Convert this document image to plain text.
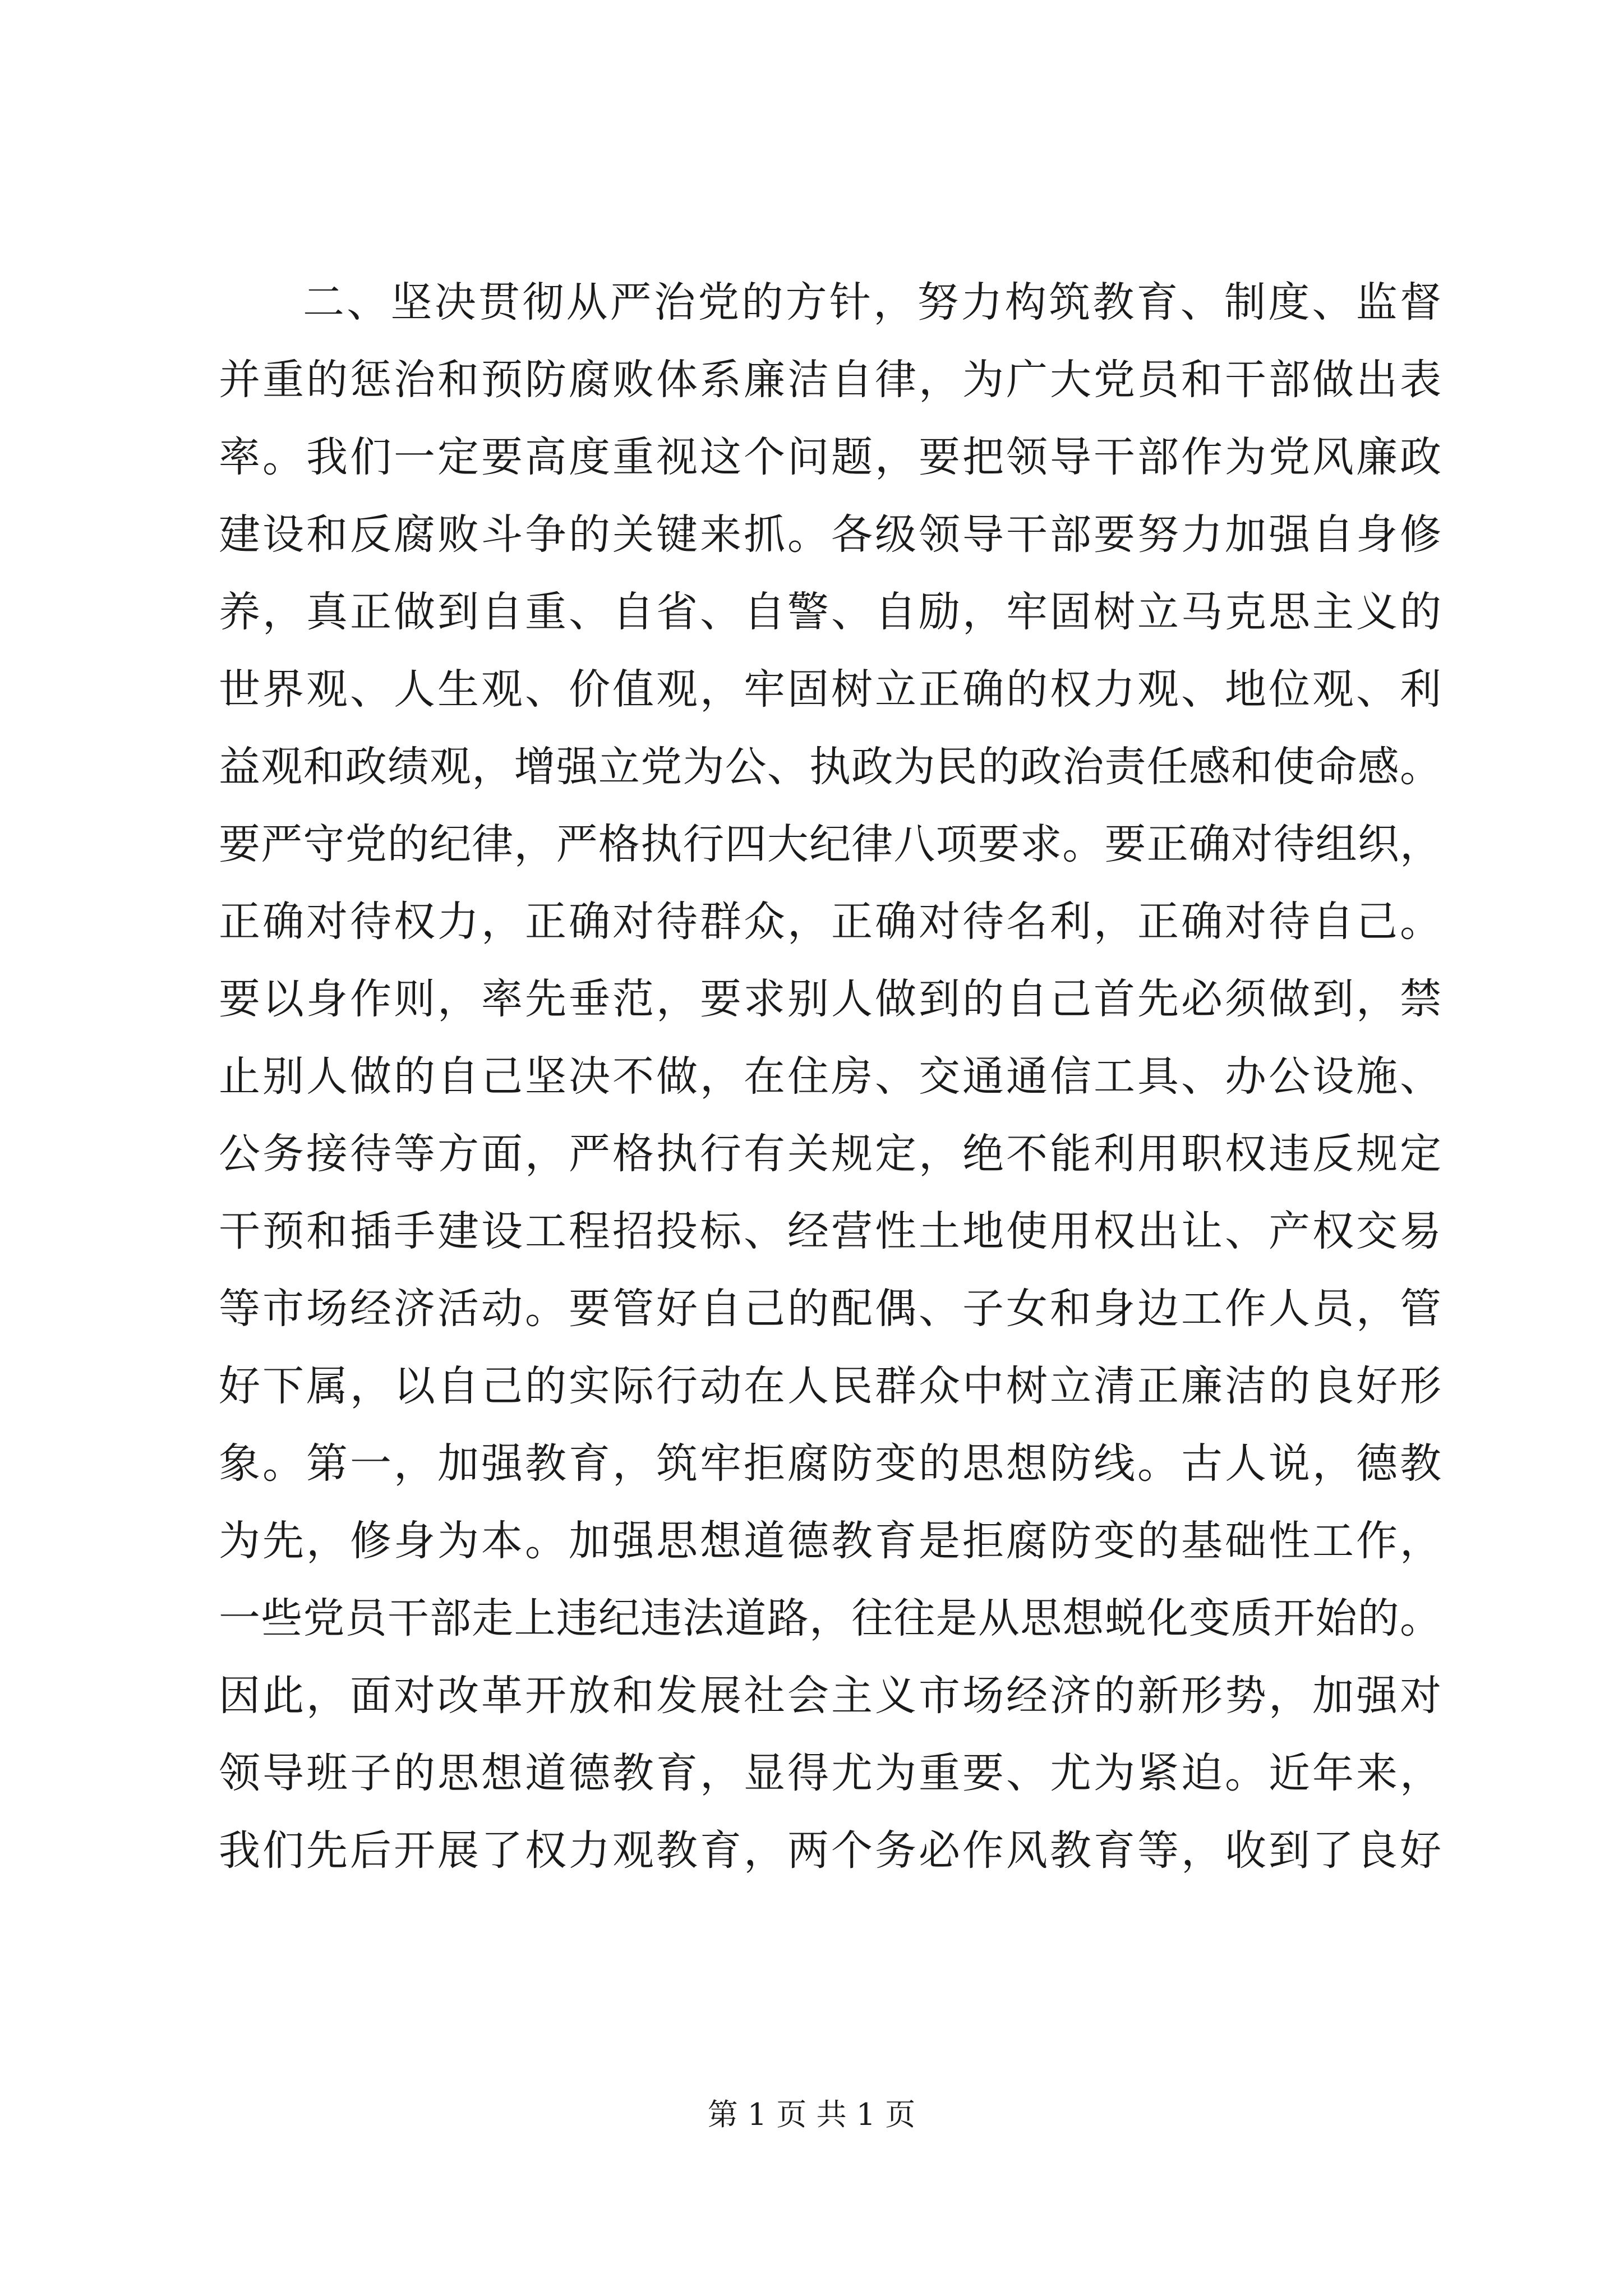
二、坚决贯彻从严治党的方针，努力构筑教育、制度、监督
并重的惩治和预防腐败体系廉洁自律，为广大党员和干部做出表
率。我们一定要高度重视这个问题，要把领导干部作为党风廉政
建设和反腐败斗争的关键来抓。各级领导干部要努力加强自身修
养，真正做到自重、自省、自警、自励，牢固树立马克思主义的
世界观、人生观、价值观，牢固树立正确的权力观、地位观、利
益观和政绩观，增强立党为公、执政为民的政治责任感和使命感。
要严守党的纪律，严格执行四大纪律八项要求。要正确对待组织，
正确对待权力，正确对待群众，正确对待名利，正确对待自己。
要以身作则，率先垂范，要求别人做到的自己首先必须做到，禁
止别人做的自己坚决不做，在住房、交通通信工具、办公设施、
公务接待等方面，严格执行有关规定，绝不能利用职权违反规定
干预和插手建设工程招投标、经营性土地使用权出让、产权交易
等市场经济活动。要管好自己的配偶、子女和身边工作人员，管
好下属，以自己的实际行动在人民群众中树立清正廉洁的良好形
象。第一，加强教育，筑牢拒腐防变的思想防线。古人说，德教
为先，修身为本。加强思想道德教育是拒腐防变的基础性工作，
一些党员干部走上违纪违法道路，往往是从思想蜕化变质开始的。
因此，面对改革开放和发展社会主义市场经济的新形势，加强对
领导班子的思想道德教育，显得尤为重要、尤为紧迫。近年来，
我们先后开展了权力观教育，两个务必作风教育等，收到了良好
第 1 页 共 1 页
